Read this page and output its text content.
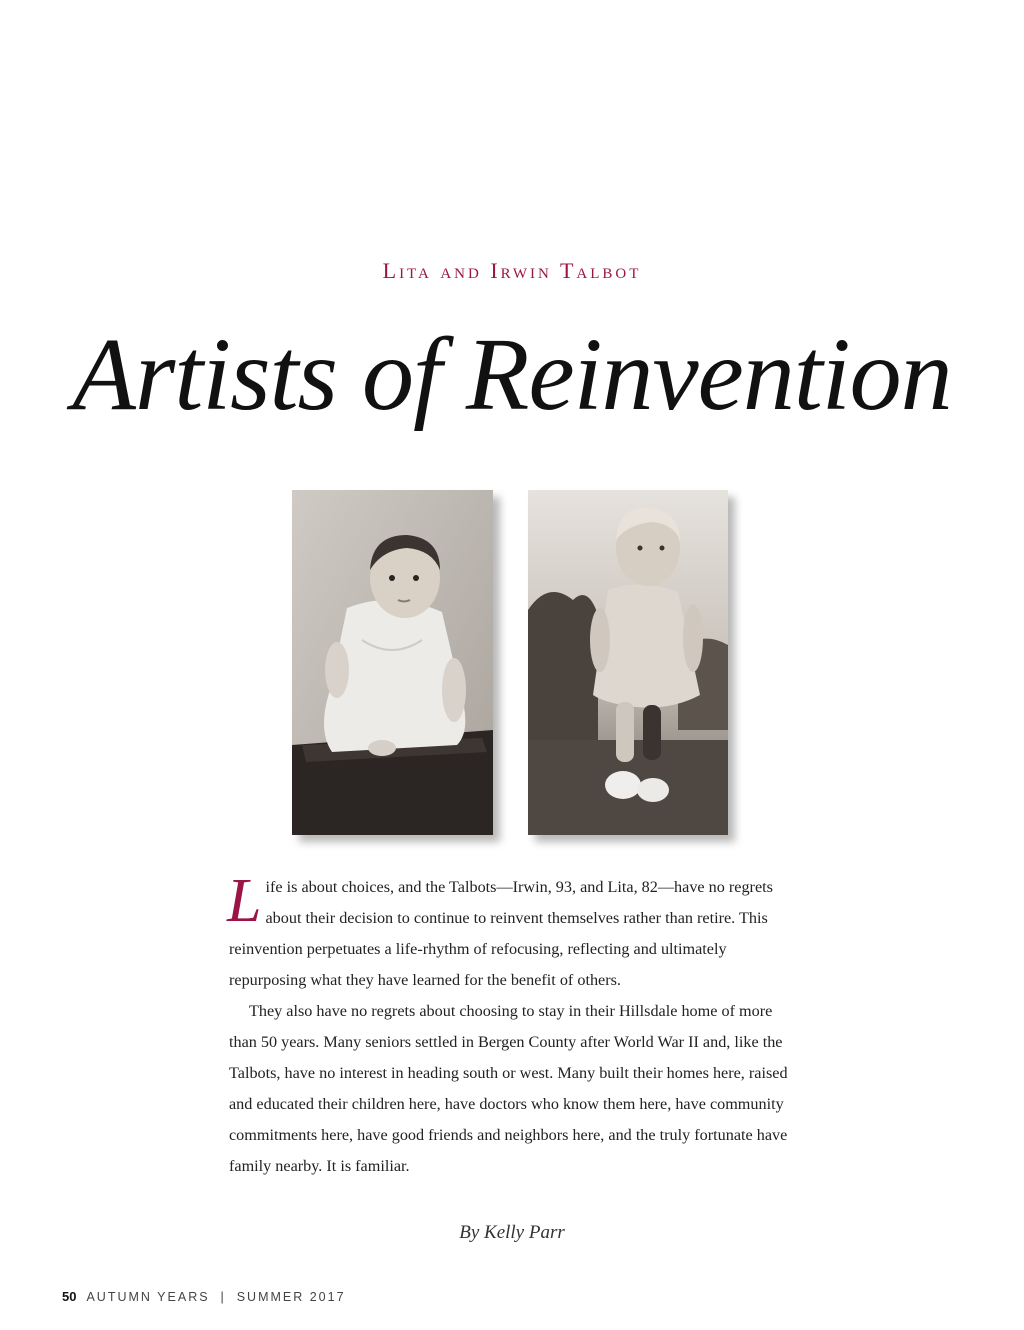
Lita and Irwin Talbot
Artists of Reinvention

Life is about choices, and the Talbots—Irwin, 93, and Lita, 82—have no regrets about their decision to continue to reinvent themselves rather than retire. This reinvention perpetuates a life-rhythm of refocusing, reflecting and ultimately repurposing what they have learned for the benefit of others.

They also have no regrets about choosing to stay in their Hillsdale home of more than 50 years. Many seniors settled in Bergen County after World War II and, like the Talbots, have no interest in heading south or west. Many built their homes here, raised and educated their children here, have doctors who know them here, have community commitments here, have good friends and neighbors here, and the truly fortunate have family nearby. It is familiar.

By Kelly Parr
50 AUTUMN YEARS  |  SUMMER 2017
